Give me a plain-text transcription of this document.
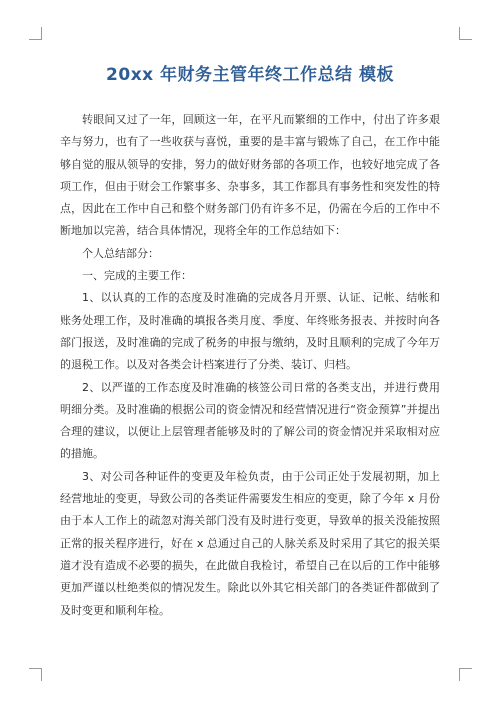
20xx 年财务主管年终工作总结 模板

转眼间又过了一年，回顾这一年，在平凡而繁细的工作中，付出了许多艰辛与努力，也有了一些收获与喜悦，重要的是丰富与锻炼了自己，在工作中能够自觉的服从领导的安排，努力的做好财务部的各项工作，也较好地完成了各项工作，但由于财会工作繁事多、杂事多，其工作都具有事务性和突发性的特点，因此在工作中自己和整个财务部门仍有许多不足，仍需在今后的工作中不断地加以完善，结合具体情况，现将全年的工作总结如下：

个人总结部分：

一、完成的主要工作：

1、以认真的工作的态度及时准确的完成各月开票、认证、记帐、结帐和账务处理工作，及时准确的填报各类月度、季度、年终账务报表、并按时向各部门报送，及时准确的完成了税务的申报与缴纳，及时且顺利的完成了今年万的退税工作。以及对各类会计档案进行了分类、装订、归档。

2、以严谨的工作态度及时准确的核签公司日常的各类支出，并进行费用明细分类。及时准确的根据公司的资金情况和经营情况进行“资金预算”并提出合理的建议，以便让上层管理者能够及时的了解公司的资金情况并采取相对应的措施。

3、对公司各种证件的变更及年检负责，由于公司正处于发展初期，加上经营地址的变更，导致公司的各类证件需要发生相应的变更，除了今年 x 月份由于本人工作上的疏忽对海关部门没有及时进行变更，导致单的报关没能按照正常的报关程序进行，好在 x 总通过自己的人脉关系及时采用了其它的报关渠道才没有造成不必要的损失，在此做自我检讨，希望自己在以后的工作中能够更加严谨以杜绝类似的情况发生。除此以外其它相关部门的各类证件都做到了及时变更和顺利年检。
